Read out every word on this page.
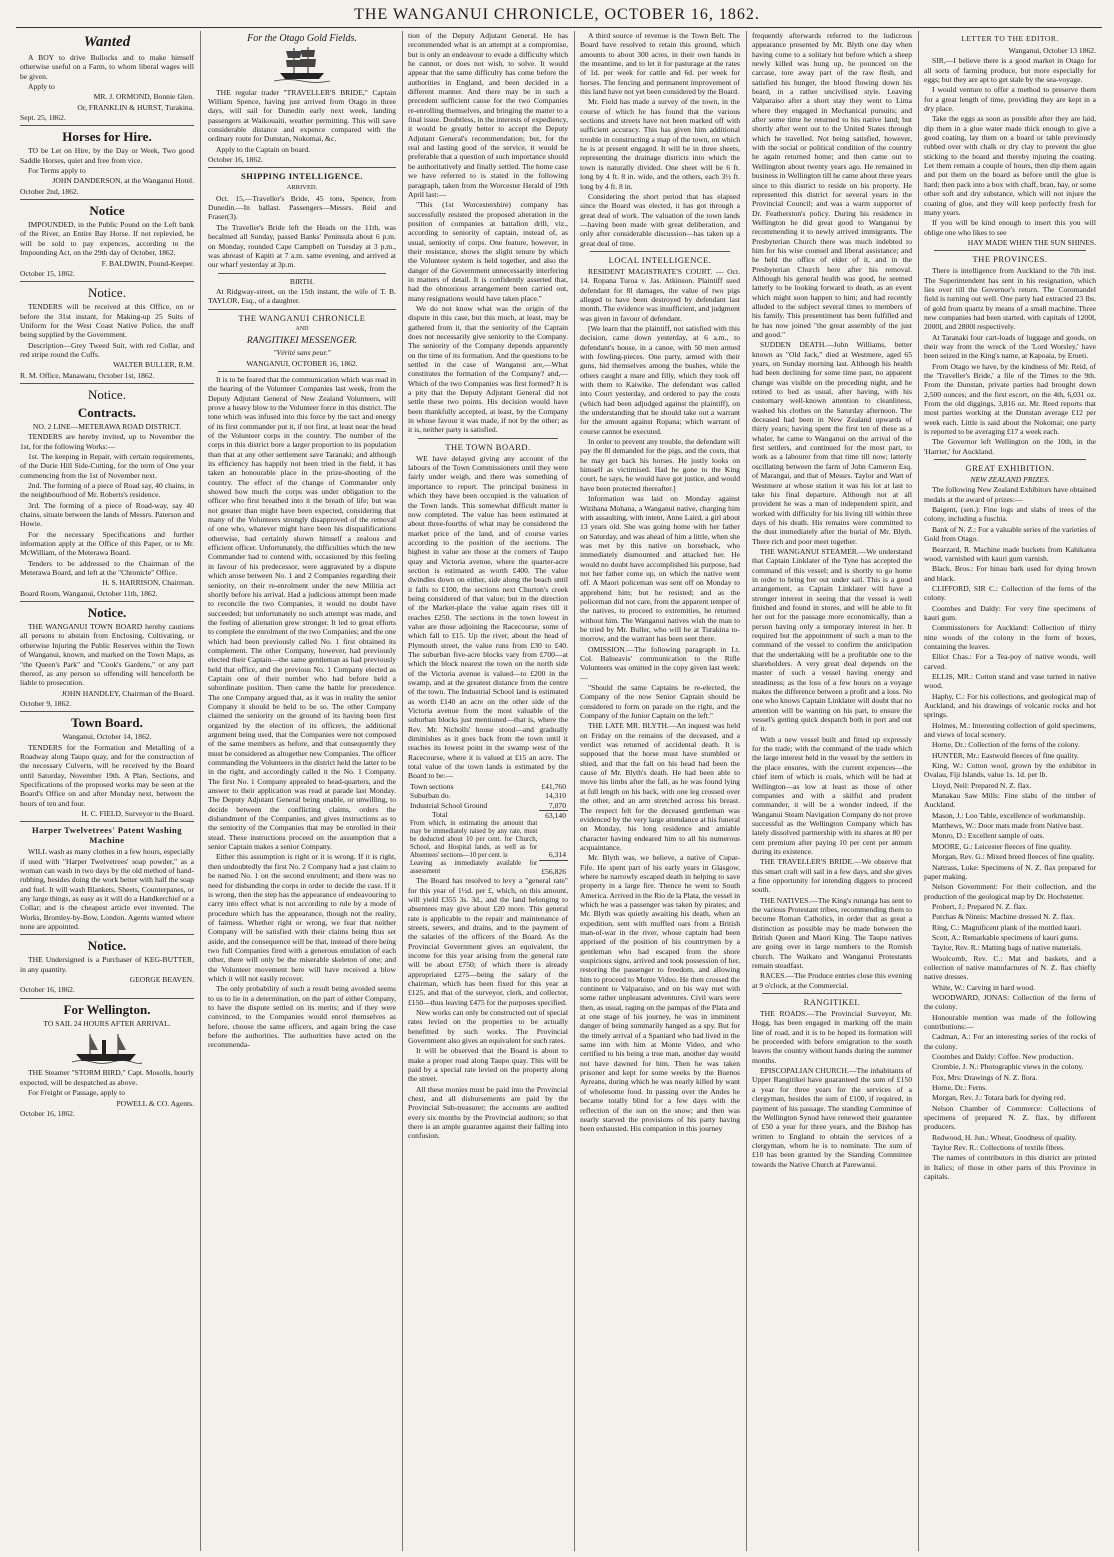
THE WANGANUI CHRONICLE, OCTOBER 16, 1862.
Wanted

A BOY to drive Bullocks and to make himself otherwise useful on a Farm, to whom liberal wages will be given.

Apply to

MR. J. ORMOND, Bonnie Glen.

Or, FRANKLIN & HURST, Turakina.

Sept. 25, 1862.

Horses for Hire.

TO be Let on Hire, by the Day or Week, Two good Saddle Horses, quiet and free from vice.

For Terms apply to

JOHN DANDERSON, at the Wanganui Hotel.

October 2nd, 1862.

Notice

IMPOUNDED, in the Public Pound on the Left bank of the River, an Entire Bay Horse. If not replevied, he will be sold to pay expences, according to the Impounding Act, on the 29th day of October, 1862.

F. BALDWIN, Pound-Keeper.

October 15, 1862.

Notice.

TENDERS will be received at this Office, on or before the 31st instant, for Making-up 25 Suits of Uniform for the West Coast Native Police, the stuff being supplied by the Government.

Description—Grey Tweed Suit, with red Collar, and red stripe round the Cuffs.

WALTER BULLER, R.M.

R. M. Office, Manawatu, October 1st, 1862.

Notice.
Contracts.

NO. 2 LINE—METERAWA ROAD DISTRICT.

TENDERS are hereby invited, up to November the 1st, for the following Works:—

1st. The keeping in Repair, with certain requirements, of the Durie Hill Side-Cutting, for the term of One year commencing from the 1st of November next.

2nd. The forming of a piece of Road say, 40 chains, in the neighbourhood of Mr. Roberts's residence.

3rd. The forming of a piece of Road-way, say 40 chains, situate between the lands of Messrs. Paterson and Howie.

For the necessary Specifications and further information apply at the Office of this Paper, or to Mr. McWilliam, of the Meterawa Board.

Tenders to be addressed to the Chairman of the Meterawa Board, and left at the "Chronicle" Office.

H. S. HARRISON, Chairman.

Board Room, Wanganui, October 11th, 1862.

Notice.

THE WANGANUI TOWN BOARD hereby cautions all persons to abstain from Enclosing, Cultivating, or otherwise Injuring the Public Reserves within the Town of Wanganui, known, and marked on the Town Maps, as "the Queen's Park" and "Cook's Gardens," or any part thereof, as any person so offending will henceforth be liable to prosecution.

JOHN HANDLEY, Chairman of the Board.

October 9, 1862.

Town Board.

Wanganui, October 14, 1862.

TENDERS for the Formation and Metalling of a Roadway along Taupo quay, and for the construction of the necessary Culverts, will be received by the Board until Saturday, November 19th. A Plan, Sections, and Specifications of the proposed works may be seen at the Board's Office on and after Monday next, between the hours of ten and four.

H. C. FIELD, Surveyor to the Board.

Harper Twelvetrees' Patent Washing Machine

WILL wash as many clothes in a few hours, especially if used with "Harper Twelvetrees' soap powder," as a woman can wash in two days by the old method of hand-rubbing, besides doing the work better with half the soap and fuel. It will wash Blankets, Sheets, Counterpanes, or any large things, as easy as it will do a Handkerchief or a Collar; and is the cheapest article ever invented. The Works, Bromley-by-Bow, London. Agents wanted where none are appointed.

Notice.

THE Undersigned is a Purchaser of KEG-BUTTER, in any quantity.

GEORGE BEAVEN.

October 16, 1862.

For Wellington.

TO SAIL 24 HOURS AFTER ARRIVAL.

THE Steamer "STORM BIRD," Capt. Mosolls, hourly expected, will be despatched as above.

For Freight or Passage, apply to

POWELL & CO. Agents.

October 16, 1862.

For the Otago Gold Fields.

THE regular trader "TRAVELLER'S BRIDE," Captain William Spence, having just arrived from Otago in three days, will sail for Dunedin early next week, landing passengers at Waikouaiti, weather permitting. This will save considerable distance and expence compared with the ordinary route for Dunstan, Nokomai, &c.

Apply to the Captain on board.

October 16, 1862.

SHIPPING INTELLIGENCE.

ARRIVED.

Oct. 15,—Traveller's Bride, 45 tons, Spence, from Dunedin.—In ballast. Passengers—Messrs. Reid and Fraser(3).

The Traveller's Bride left the Heads on the 11th, was becalmed all Sunday, passed Banks' Peninsula about 6 p.m. on Monday, rounded Cape Campbell on Tuesday at 3 p.m., was abreast of Kapiti at 7 a.m. same evening, and arrived at our wharf yesterday at 3p.m.

BIRTH.

At Ridgway-street, on the 15th instant, the wife of T. B. TAYLOR, Esq., of a daughter.

THE WANGANUI CHRONICLE

AND

RANGITIKEI MESSENGER.

"Vérité sans peur."

WANGANUI, OCTOBER 16, 1862.

It is to be feared that the communication which was read in the hearing of the Volunteer Companies last week, from the Deputy Adjutant General of New Zealand Volunteers, will prove a heavy blow to the Volunteer force in this district. The tone which was infused into this force by the tact and energy of its first commander put it, if not first, at least near the head of the Volunteer corps in the country. The number of the corps in this district bore a larger proportion to its population than that at any other settlement save Taranaki; and although its efficiency has happily not been tried in the field, it has taken an honourable place in the prize-shooting of the country. The effect of the change of Commander only showed how much the corps was under obligation to the officer who first breathed into it the breath of life; but was not greater than might have been expected, considering that many of the Volunteers strongly disapproved of the removal of one who, whatever might have been his disqualifications otherwise, had certainly shown himself a zealous and efficient officer. Unfortunately, the difficulties which the new Commander had to contend with, occasioned by this feeling in favour of his predecessor, were aggravated by a dispute which arose between No. 1 and 2 Companies regarding their seniority, on their re-enrolment under the new Militia act shortly before his arrival. Had a judicious attempt been made to reconcile the two Companies, it would no doubt have succeeded; but unfortunately no such attempt was made, and the feeling of alienation grew stronger. It led to great efforts to complete the enrolment of the two Companies; and the one which had been previously called No. 1 first obtained its complement. The other Company, however, had previously elected their Captain—the same gentleman as had previously held that office, and the previous No. 1 Company elected as Captain one of their number who had before held a subordinate position. Then came the battle for precedence. The one Company argued that, as it was in reality the senior Company it should be held to be so. The other Company claimed the seniority on the ground of its having been first organized by the election of its officers, the additional argument being used, that the Companies were not composed of the same members as before, and that consequently they must be considered as altogether new Companies. The officer commanding the Volunteers in the district held the latter to be in the right, and accordingly called it the No. 1 Company. The first No. 1 Company appealed to head-quarters, and the answer to their application was read at parade last Monday. The Deputy Adjutant General being unable, or unwilling, to decide between the conflicting claims, orders the disbandment of the Companies, and gives instructions as to the seniority of the Companies that may be enrolled in their stead. These instructions proceed on the assumption that a senior Captain makes a senior Company.

Either this assumption is right or it is wrong. If it is right, then undoubtedly the first No. 2 Company had a just claim to be named No. 1 on the second enrolment; and there was no need for disbanding the corps in order to decide the case. If it is wrong, then the step has the appearance of endeavouring to carry into effect what is not according to rule by a mode of procedure which has the appearance, though not the reality, of fairness. Whether right or wrong, we fear that neither Company will be satisfied with their claims being thus set aside, and the consequence will be that, instead of there being two full Companies fired with a generous emulation of each other, there will only be the miserable skeleton of one; and the Volunteer movement here will have received a blow which it will not easily recover.

The only probability of such a result being avoided seems to us to lie in a determination, on the part of either Company, to have the dispute settled on its merits; and if they were convinced, to the Companies would enrol themselves as before, choose the same officers, and again bring the case before the authorities. The authorities have acted on the recommenda-

tion of the Deputy Adjutant General. He has recommended what is an attempt at a compromise, but is only an endeavour to evade a difficulty which he cannot, or does not wish, to solve. It would appear that the same difficulty has come before the authorities in England, and been decided in a different manner. And there may be in such a precedent sufficient cause for the two Companies re-enrolling themselves, and bringing the matter to a final issue. Doubtless, in the interests of expediency, it would be greatly better to accept the Deputy Adjutant General's recommendation; but, for the real and lasting good of the service, it would be preferable that a question of such importance should be authoritatively and finally settled. The home case we have referred to is stated in the following paragraph, taken from the Worcester Herald of 19th April last:—

"This (1st Worcestershire) company has successfully resisted the proposed alteration in the position of companies at battalion drill, viz., according to seniority of captain, instead of, as usual, seniority of corps. One feature, however, in their resistance, shows the slight tenure by which the Volunteer system is held together, and also the danger of the Government unnecessarily interfering in matters of detail. It is confidently asserted that, had the obnoxious arrangement been carried out, many resignations would have taken place."

We do not know what was the origin of the dispute in this case, but this much, at least, may be gathered from it, that the seniority of the Captain does not necessarily give seniority to the Company. The seniority of the Company depends apparently on the time of its formation. And the questions to be settled in the case of Wanganui are,—What constitutes the formation of the Company? and,—Which of the two Companies was first formed? It is a pity that the Deputy Adjutant General did not settle these two points. His decision would have been thankfully accepted, at least, by the Company in whose favour it was made, if not by the other; as it is, neither party is satisfied.

THE TOWN BOARD.

WE have delayed giving any account of the labours of the Town Commissioners until they were fairly under weigh, and there was something of importance to report. The principal business in which they have been occupied is the valuation of the Town lands. This somewhat difficult matter is now completed. The value has been estimated at about three-fourths of what may be considered the market price of the land, and of course varies according to the position of the sections. The highest in value are those at the corners of Taupo quay and Victoria avenue, where the quarter-acre section is estimated as worth £400. The value dwindles down on either, side along the beach until it falls to £100, the sections next Churton's creek being considered of that value; but in the direction of the Market-place the value again rises till it reaches £250. The sections in the town lowest in value are those adjoining the Racecourse, some of which fall to £15. Up the river, about the head of Plymouth street, the value runs from £30 to £40. The suburban five-acre blocks vary from £700—at which the block nearest the town on the north side of the Victoria avenue is valued—to £200 in the swamp, and at the greatest distance from the centre of the town. The Industrial School land is estimated as worth £140 an acre on the other side of the Victoria avenue from the most valuable of the suburban blocks just mentioned—that is, where the Rev. Mr. Nicholls' house stood—and gradually diminishes as it goes back from the town until it reaches its lowest point in the swamp west of the Racecourse, where it is valued at £15 an acre. The total value of the town lands is estimated by the Board to be:—

Town sections	£41,760
Suburban do.	14,310
Industrial School Ground	7,070
Total	63,140
From which, in estimating the amount that may be immediately raised by any rate, must be deducted about 10 per cent. for Church, School, and Hospital lands, as well as for Absentees' sections—10 per cent. is	6,314
Leaving as immediately available for assessment	£56,826

The Board has resolved to levy a "general rate" for this year of 1½d. per £, which, on this amount, will yield £355 3s. 3d., and the land belonging to absentees may give about £20 more. This general rate is applicable to the repair and maintenance of streets, sewers, and drains, and to the payment of the salaries of the officers of the Board. As the Provincial Government gives an equivalent, the income for this year arising from the general rate will be about £750; of which there is already appropriated £275—being the salary of the chairman, which has been fixed for this year at £125, and that of the surveyor, clerk, and collector, £150—thus leaving £475 for the purposes specified.

New works can only be constructed out of special rates levied on the properties to be actually benefitted by such works. The Provincial Government also gives an equivalent for such rates.

It will be observed that the Board is about to make a proper road along Taupo quay. This will be paid by a special rate levied on the property along the street.

All these monies must be paid into the Provincial chest, and all disbursements are paid by the Provincial Sub-treasurer; the accounts are audited every six months by the Provincial auditors; so that there is an ample guarantee against their falling into confusion.

A third source of revenue is the Town Belt. The Board have resolved to retain this ground, which amounts to about 300 acres, in their own hands in the meantime, and to let it for pasturage at the rates of 1d. per week for cattle and 6d. per week for horses. The fencing and permanent improvement of this land have not yet been considered by the Board.

Mr. Field has made a survey of the town, in the course of which he has found that the various sections and streets have not been marked off with sufficient accuracy. This has given him additional trouble in constructing a map of the town, on which he is at present engaged. It will be in three sheets, representing the drainage districts into which the town is naturally divided. One sheet will be 6 ft. long by 4 ft. 8 in. wide, and the others, each 3½ ft. long by 4 ft. 8 in.

Considering the short period that has elapsed since the Board was elected, it has got through a great deal of work. The valuation of the town lands—having been made with great deliberation, and only after considerable discussion—has taken up a great deal of time.

LOCAL INTELLIGENCE.

RESIDENT MAGISTRATE'S COURT. — Oct. 14. Ropana Turoa v. Jas. Atkinson. Plaintiff sued defendant for 8l damages, the value of two pigs alleged to have been destroyed by defendant last month. The evidence was insufficient, and judgment was given in favour of defendant.

[We learn that the plaintiff, not satisfied with this decision, came down yesterday, at 6 a.m., to defendant's house, in a canoe, with 50 men armed with fowling-pieces. One party, armed with their guns, hid themselves among the bushes, while the others caught a mare and filly, which they took off with them to Kaiwike. The defendant was called into Court yesterday, and ordered to pay the costs (which had been adjudged against the plaintiff), on the understanding that he should take out a warrant for the amount against Ropana; which warrant of course cannot be executed.

In order to prevent any trouble, the defendant will pay the 8l demanded for the pigs, and the costs, that he may get back his horses. He justly looks on himself as victimised. Had he gone to the King court, he says, he would have got justice, and would have been protected thereafter.]

Information was laid on Monday against Witihana Mohana, a Wanganui native, charging him with assaulting, with intent, Anne Laird, a girl about 13 years old. She was going home with her father on Saturday, and was ahead of him a little, when she was met by this native on horseback, who immediately dismounted and attacked her. He would no doubt have accomplished his purpose, had not her father come up, on which the native went off. A Maori policeman was sent off on Monday to apprehend him; but he resisted; and as the policeman did not care, from the apparent temper of the natives, to proceed to extremities, he returned without him. The Wanganui natives wish the man to be tried by Mr. Buller, who will be at Turakina to-morrow, and the warrant has been sent there.

OMISSION.—The following paragraph in Lt. Col. Balneavis' communication to the Rifle Volunteers was omitted in the copy given last week:—

"Should the same Captains be re-elected, the Company of the now Senior Captain should be considered to form on parade on the right, and the Company of the Junior Captain on the left."

THE LATE MR. BLYTH.—An inquest was held on Friday on the remains of the deceased, and a verdict was returned of accidental death. It is supposed that the horse must have stumbled or shied, and that the fall on his head had been the cause of Mr. Blyth's death. He had been able to move his limbs after the fall, as he was found lying at full length on his back, with one leg crossed over the other, and an arm stretched across his breast. The respect felt for the deceased gentleman was evidenced by the very large attendance at his funeral on Monday, his long residence and amiable character having endeared him to all his numerous acquaintance.

Mr. Blyth was, we believe, a native of Cupar-Fife. He spent part of his early years in Glasgow, where he narrowly escaped death in helping to save property in a large fire. Thence he went to South America. Arrived in the Rio de la Plata, the vessel in which he was a passenger was taken by pirates; and Mr. Blyth was quietly awaiting his death, when an expedition, sent with muffled oars from a British man-of-war in the river, whose captain had been apprised of the position of his countrymen by a gentleman who had escaped from the shore suspicious signs, arrived and took possession of her, restoring the passenger to freedom, and allowing him to proceed to Monte Video. He then crossed the continent to Valparaiso, and on his way met with some rather unpleasant adventures. Civil wars were then, as usual, raging on the pampas of the Plata and at one stage of his journey, he was in imminent danger of being summarily hanged as a spy. But for the timely arrival of a Spaniard who had lived in the same inn with him at Monte Video, and who certified to his being a true man, another day would not have dawned for him. Then he was taken prisoner and kept for some weeks by the Buenos Ayreans, during which he was nearly killed by want of wholesome food. In passing over the Andes he became totally blind for a few days with the reflection of the sun on the snow; and then was nearly starved the provisions of his party having been exhausted. His companion in this journey

frequently afterwards referred to the ludicrous appearance presented by Mr. Blyth one day when having come to a solitary hut before which a sheep newly killed was hung up, he pounced on the carcase, tore away part of the raw flesh, and satisfied his hunger, the blood flowing down his beard, in a rather uncivilised style. Leaving Valparaiso after a short stay they went to Lima where they engaged in Mechanical pursuits; and after some time he returned to his native land; but shortly after went out to the United States through which he travelled. Not being satisfied, however, with the social or political condition of the country he again returned home; and then came out to Wellington about twenty years ago. He remained in business in Wellington till he came about three years since to this district to reside on his property. He represented this district for several years in the Provincial Council; and was a warm supporter of Dr. Featherston's policy. During his residence in Wellington he did great good to Wanganui by recommending it to newly arrived immigrants. The Presbyterian Church there was much indebted to him for his wise counsel and liberal assistance; and he held the office of elder of it, and in the Presbyterian Church here after his removal. Although his general health was good, he seemed latterly to be looking forward to death, as an event which might soon happen to him; and had recently alluded to the subject several times to members of his family. This presentiment has been fulfilled and he has now joined "the great assembly of the just and good."

SUDDEN DEATH.—John Williams, better known as "Old Jack," died at Westmere, aged 65 years, on Sunday morning last. Although his health had been declining for some time past, no apparent change was visible on the preceding night, and he retired to bed as usual, after having, with his customary well-known attention to cleanliness, washed his clothes on the Saturday afternoon. The deceased had been in New Zealand upwards of thirty years; having spent the first ten of these as a whaler, he came to Wanganui on the arrival of the first settlers, and continued for the most part, to work as a labourer from that time till now; latterly oscillating between the farm of John Cameron Esq. of Marangai, and that of Messrs. Taylor and Watt of Westmere at whose station it was his lot at last to take his final departure. Although not at all provident he was a man of independent spirit, and worked with difficulty for his living till within three days of his death. His remains were committed to the dust immediately after the burial of Mr. Blyth. There rich and poor meet together.

THE WANGANUI STEAMER.—We understand that Captain Linklater of the Tyne has accepted the command of this vessel; and is shortly to go home in order to bring her out under sail. This is a good arrangement, as Captain Linklater will have a stronger interest in seeing that the vessel is well finished and found in stores, and will be able to fit her out for the passage more economically, than a person having only a temporary interest in her. It required but the appointment of such a man to the command of the vessel to confirm the anticipation that the undertaking will be a profitable one to the shareholders. A very great deal depends on the master of such a vessel having energy and steadiness; as the loss of a few hours on a voyage makes the difference between a profit and a loss. No one who knows Captain Linklater will doubt that no attention will be wanting on his part, to ensure the vessel's getting quick despatch both in port and out of it.

With a new vessel built and fitted up expressly for the trade; with the command of the trade which the large interest held in the vessel by the settlers in the place ensures, with the current expences—the chief item of which is coals, which will be had at Wellington—as low at least as those of other companies and with a skilful and prudent commander, it will be a wonder indeed, if the Wanganui Steam Navigation Company do not prove successful as the Wellington Company which has lately dissolved partnership with its shares at 80 per cent premium after paying 10 per cent per annum during its existence.

THE TRAVELLER'S BRIDE.—We observe that this smart craft will sail in a few days, and she gives a fine opportunity for intending diggers to proceed south.

THE NATIVES.—The King's runanga has sent to the various Protestant tribes, recommending them to become Roman Catholics, in order that as great a distinction as possible may be made between the British Queen and Maori King. The Taupo natives are going over in large numbers to the Romish church. The Waikato and Wanganui Protestants remain steadfast.

RACES.—The Produce entries close this evening at 9 o'clock, at the Commercial.

RANGITIKEI.

THE ROADS.—The Provincial Surveyor, Mr. Hogg, has been engaged in marking off the main line of road, and it is to be hoped its formation will be proceeded with before emigration to the south leaves the country without hands during the summer months.

EPISCOPALIAN CHURCH.—The inhabitants of Upper Rangitikei have guaranteed the sum of £150 a year for three years for the services of a clergyman, besides the sum of £100, if required, in payment of his passage. The standing Committee of the Wellington Synod have renewed their guarantee of £50 a year for three years, and the Bishop has written to England to obtain the services of a clergyman, whom he is to nominate. The sum of £10 has been granted by the Standing Committee towards the Native Church at Parewanui.

LETTER TO THE EDITOR.

Wanganui, October 13 1862.

SIR,—I believe there is a good market in Otago for all sorts of farming produce, but more especially for eggs; but they are apt to get stale by the sea-voyage.

I would venture to offer a method to preserve them for a great length of time, providing they are kept in a dry place.

Take the eggs as soon as possible after they are laid, dip them in a glue water made thick enough to give a good coating, lay them on a board or table previously rubbed over with chalk or dry clay to prevent the glue sticking to the board and thereby injuring the coating. Let them remain a couple of hours, then dip them again and put them on the board as before until the glue is hard; then pack into a box with chaff, bran, hay, or some other soft and dry substance, which will not injure the coating of glue, and they will keep perfectly fresh for many years.

If you will be kind enough to insert this you will oblige one who likes to see

HAY MADE WHEN THE SUN SHINES.

THE PROVINCES.

There is intelligence from Auckland to the 7th inst. The Superintendent has sent in his resignation, which lies over till the Governor's return. The Coromandel field is turning out well. One party had extracted 23 lbs. of gold from quartz by means of a small machine. Three new companies had been started, with capitals of 1200l, 2000l, and 2800l respectively.

At Taranaki four cart-loads of luggage and goods, on their way from the wreck of the 'Lord Worsley,' have been seized in the King's name, at Kapoaia, by Erueti.

From Otago we have, by the kindness of Mr. Reid, of the 'Traveller's Bride,' a file of the Times to the 9th. From the Dunstan, private parties had brought down 2,500 ounces; and the first escort, on the 4th, 6,031 oz. From the old diggings, 3,816 oz. Mr. Reed reports that most parties working at the Dunstan average £12 per week each. Little is said about the Nokomai; one party is reported to be averaging £17 a week each.

The Governor left Wellington on the 10th, in the 'Harrier,' for Auckland.

GREAT EXHIBITION.

NEW ZEALAND PRIZES.

The following New Zealand Exhibitors have obtained medals at the award of prizes:—

Baigent, (sen.): Fine logs and slabs of trees of the colony, including a fuschia.

Bank of N. Z.: For a valuable series of the varieties of Gold from Otago.

Bearzard, R. Machine made buckets from Kahikatea wood, varnished with kauri gum varnish.

Black, Bros.: For hinau bark used for dying brown and black.

CLIFFORD, SIR C.: Collection of the ferns of the colony.

Coombes and Daldy: For very fine specimens of kauri gum.

Commissioners for Auckland: Collection of thirty nine woods of the colony in the form of boxes, containing the leaves.

Elliot Chas.: For a Tea-poy of native woods, well carved.

ELLIS, MR.: Cotton stand and vase turned in native wood.

Haphy, C.: For his collections, and geological map of Auckland, and his drawings of volcanic rocks and hot springs.

Holmes, M.: Interesting collection of gold specimens, and views of local scenery.

Horne, Dr.: Collection of the ferns of the colony.

HUNTER, Mr.: Eastwold fleeces of fine quality.

King, W.: Cotton wool, grown by the exhibitor in Ovalau, Fiji Islands, value 1s. 1d. per lb.

Lloyd, Neil: Prepared N. Z. flax.

Manakau Saw Mills: Fine slabs of the timber of Auckland.

Mason, J.: Loo Table, excellence of workmanship.

Matthews, W.: Door mats made from Native bast.

Monro, D.: Excellent sample of oats.

MOORE, G.: Leicester fleeces of fine quality.

Morgan, Rev. G.: Mixed breed fleeces of fine quality.

Nattrass, Luke: Specimens of N. Z. flax prepared for paper making.

Nelson Government: For their collection, and the production of the geological map by Dr. Hochstetter.

Probert, J.: Prepared N. Z. flax.

Purchas & Ninnis: Machine dressed N. Z. flax.

Ring, C.: Magnificent plank of the mottled kauri.

Scott, A.: Remarkable specimens of kauri gums.

Taylor, Rev. R.: Matting bags of native materials.

Woolcomb, Rev. C.: Mat and baskets, and a collection of native manufactures of N. Z. flax chiefly native dresses.

White, W.: Carving in hard wood.

WOODWARD, JONAS: Collection of the ferns of the colony.

Honourable mention was made of the following contributions:—

Cadman, A.: For an interesting series of the rocks of the colony.

Coombes and Daldy: Coffee. New production.

Crombie, J. N.: Photographic views in the colony.

Fox, Mrs: Drawings of N. Z. flora.

Horne, Dr.: Ferns.

Morgan, Rev. J.: Totara bark for dyeing red.

Nelson Chamber of Commerce: Collections of specimens of prepared N. Z. flax, by different producers.

Redwood, H. Jun.: Wheat, Goodness of quality.

Taylor Rev. R.: Collections of textile fibres.

The names of contributors in this district are printed in Italics; of those in other parts of this Province in capitals.
